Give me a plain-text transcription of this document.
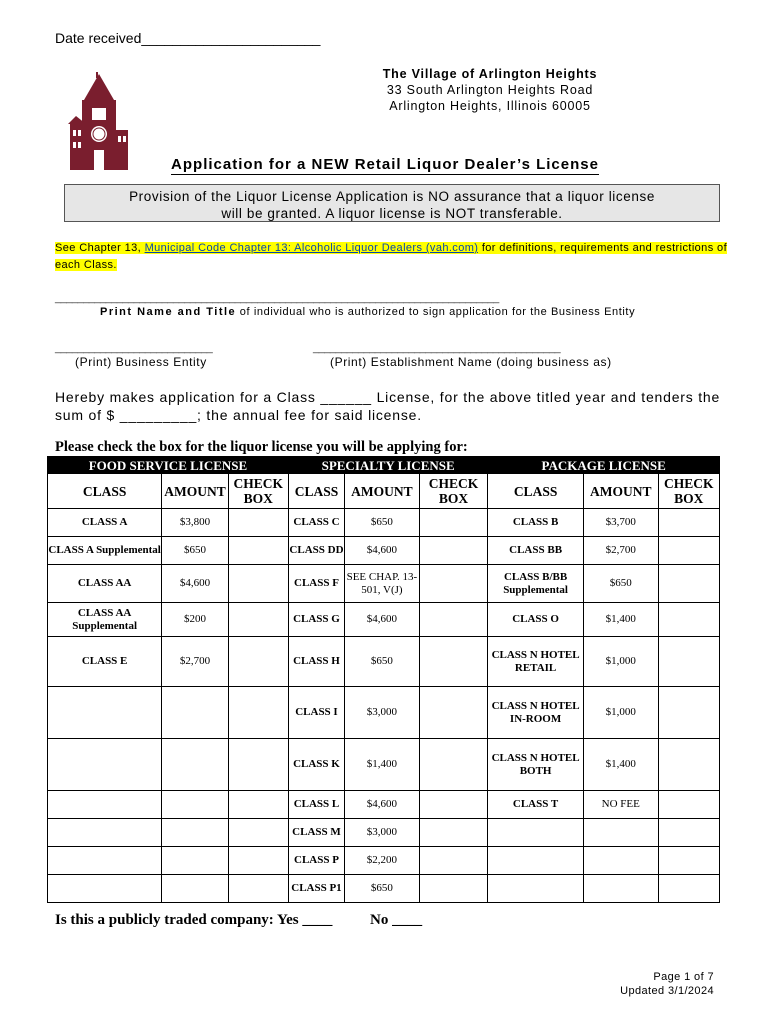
Date received_______________________
The Village of Arlington Heights
33 South Arlington Heights Road
Arlington Heights, Illinois 60005
Application for a NEW Retail Liquor Dealer’s License
Provision of the Liquor License Application is NO assurance that a liquor license
will be granted. A liquor license is NOT transferable.
See Chapter 13, Municipal Code Chapter 13: Alcoholic Liquor Dealers (vah.com) for definitions, requirements and restrictions of each Class.
_______________________________________________________________________________
Print Name and Title of individual who is authorized to sign application for the Business Entity
____________________________	____________________________________________
(Print) Business Entity	(Print) Establishment Name (doing business as)
Hereby makes application for a Class ______ License, for the above titled year and tenders the sum of $ _________; the annual fee for said license.
Please check the box for the liquor license you will be applying for:
FOOD SERVICE LICENSE			SPECIALTY LICENSE			PACKAGE LICENSE		
CLASS	AMOUNT	CHECK BOX	CLASS	AMOUNT	CHECK BOX	CLASS	AMOUNT	CHECK BOX
CLASS A	$3,800		CLASS C	$650		CLASS B	$3,700	
CLASS A Supplemental	$650		CLASS DD	$4,600		CLASS BB	$2,700	
CLASS AA	$4,600		CLASS F	SEE CHAP. 13-501, V(J)		CLASS B/BB Supplemental	$650	
CLASS AA Supplemental	$200		CLASS G	$4,600		CLASS O	$1,400	
CLASS E	$2,700		CLASS H	$650		CLASS N HOTEL RETAIL	$1,000	
			CLASS I	$3,000		CLASS N HOTEL IN-ROOM	$1,000	
			CLASS K	$1,400		CLASS N HOTEL BOTH	$1,400	
			CLASS L	$4,600		CLASS T	NO FEE	
			CLASS M	$3,000				
			CLASS P	$2,200				
			CLASS P1	$650				
Is this a publicly traded company: Yes ____	No ____
Page 1 of 7
Updated 3/1/2024
